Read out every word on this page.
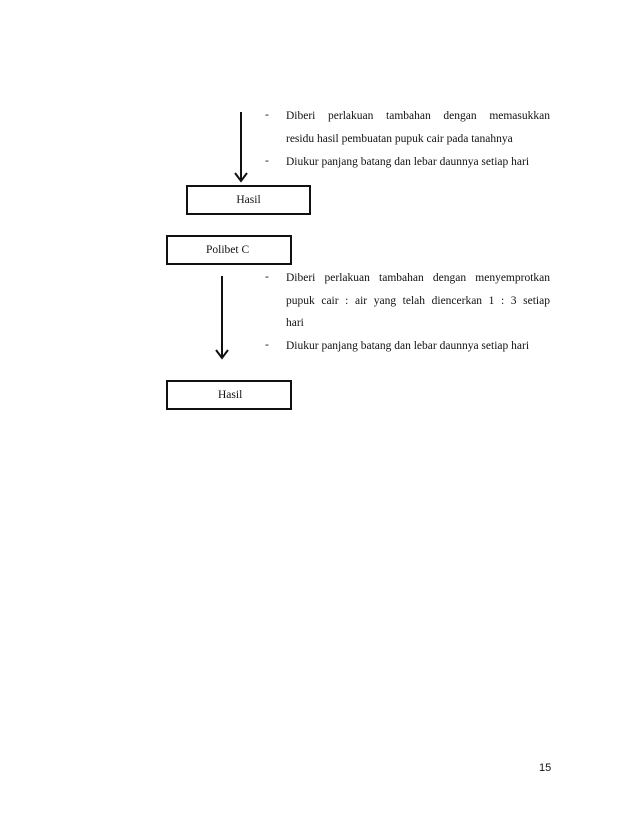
- Diberi perlakuan tambahan dengan memasukkan
residu hasil pembuatan pupuk cair pada tanahnya
- Diukur panjang batang dan lebar daunnya setiap hari
Hasil
Polibet C
- Diberi perlakuan tambahan dengan menyemprotkan
pupuk cair : air yang telah diencerkan 1 : 3 setiap
hari
- Diukur panjang batang dan lebar daunnya setiap hari
Hasil
15
